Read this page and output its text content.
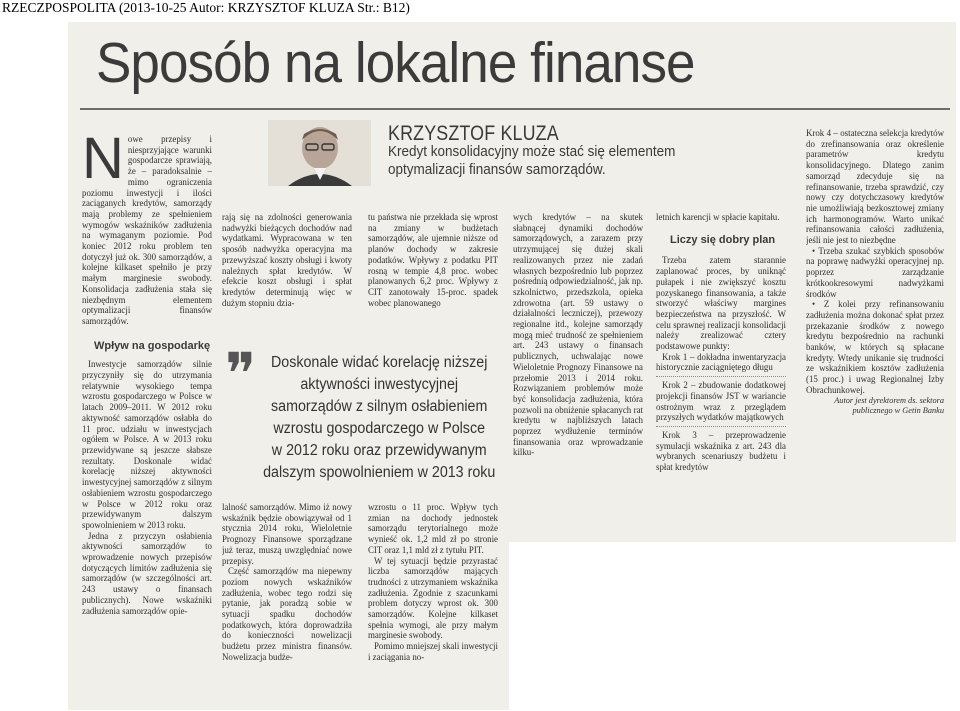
RZECZPOSPOLITA (2013-10-25 Autor: KRZYSZTOF KLUZA Str.: B12)
Sposób na lokalne finanse

Nowe przepisy i niesprzyjające warunki gospodarcze sprawiają, że – paradoksalnie – mimo ograniczenia poziomu inwestycji i ilości zaciąganych kredytów, samorządy mają problemy ze spełnieniem wymogów wskaźników zadłużenia na wymaganym poziomie. Pod koniec 2012 roku problem ten dotyczył już ok. 300 samorządów, a kolejne kilkaset spełniło je przy małym marginesie swobody. Konsolidacja zadłużenia stała się niezbędnym elementem optymalizacji finansów samorządów.

Wpływ na gospodarkę

Inwestycje samorządów silnie przyczyniły się do utrzymania relatywnie wysokiego tempa wzrostu gospodarczego w Polsce w latach 2009–2011. W 2012 roku aktywność samorządów osłabła do 11 proc. udziału w inwestycjach ogółem w Polsce. A w 2013 roku przewidywane są jeszcze słabsze rezultaty. Doskonale widać korelację niższej aktywności inwestycyjnej samorządów z silnym osłabieniem wzrostu gospodarczego w Polsce w 2012 roku oraz przewidywanym dalszym spowolnieniem w 2013 roku.

Jedna z przyczyn osłabienia aktywności samorządów to wprowadzenie nowych przepisów dotyczących limitów zadłużenia się samorządów (w szczególności art. 243 ustawy o finansach publicznych). Nowe wskaźniki zadłużenia samorządów opie-

KRZYSZTOF KLUZA
Kredyt konsolidacyjny może stać się elementem
optymalizacji finansów samorządów.

rają się na zdolności generowania nadwyżki bieżących dochodów nad wydatkami. Wypracowana w ten sposób nadwyżka operacyjna ma przewyższać koszty obsługi i kwoty należnych spłat kredytów. W efekcie koszt obsługi i spłat kredytów determinują więc w dużym stopniu dzia-

tu państwa nie przekłada się wprost na zmiany w budżetach samorządów, ale ujemnie niższe od planów dochody w zakresie podatków. Wpływy z podatku PIT rosną w tempie 4,8 proc. wobec planowanych 6,2 proc. Wpływy z CIT zanotowały 15-proc. spadek wobec planowanego

❞ Doskonale widać korelację niższej
aktywności inwestycyjnej
samorządów z silnym osłabieniem
wzrostu gospodarczego w Polsce
w 2012 roku oraz przewidywanym
dalszym spowolnieniem w 2013 roku

lalność samorządów. Mimo iż nowy wskaźnik będzie obowiązywał od 1 stycznia 2014 roku, Wieloletnie Prognozy Finansowe sporządzane już teraz, muszą uwzględniać nowe przepisy.

Część samorządów ma niepewny poziom nowych wskaźników zadłużenia, wobec tego rodzi się pytanie, jak poradzą sobie w sytuacji spadku dochodów podatkowych, która doprowadziła do konieczności nowelizacji budżetu przez ministra finansów. Nowelizacja budże-

wzrostu o 11 proc. Wpływ tych zmian na dochody jednostek samorządu terytorialnego może wynieść ok. 1,2 mld zł po stronie CIT oraz 1,1 mld zł z tytułu PIT.

W tej sytuacji będzie przyrastać liczba samorządów mających trudności z utrzymaniem wskaźnika zadłużenia. Zgodnie z szacunkami problem dotyczy wprost ok. 300 samorządów. Kolejne kilkaset spełnia wymogi, ale przy małym marginesie swobody.

Pomimo mniejszej skali inwestycji i zaciągania no-

wych kredytów – na skutek słabnącej dynamiki dochodów samorządowych, a zarazem przy utrzymującej się dużej skali realizowanych przez nie zadań własnych bezpośrednio lub poprzez pośrednią odpowiedzialność, jak np. szkolnictwo, przedszkola, opieka zdrowotna (art. 59 ustawy o działalności leczniczej), przewozy regionalne itd., kolejne samorządy mogą mieć trudność ze spełnieniem art. 243 ustawy o finansach publicznych, uchwalając nowe Wieloletnie Prognozy Finansowe na przełomie 2013 i 2014 roku. Rozwiązaniem problemów może być konsolidacja zadłużenia, która pozwoli na obniżenie spłacanych rat kredytu w najbliższych latach poprzez wydłużenie terminów finansowania oraz wprowadzanie kilku-

letnich karencji w spłacie kapitału.

Liczy się dobry plan

Trzeba zatem starannie zaplanować proces, by uniknąć pułapek i nie zwiększyć kosztu pozyskanego finansowania, a także stworzyć właściwy margines bezpieczeństwa na przyszłość. W celu sprawnej realizacji konsolidacji należy zrealizować cztery podstawowe punkty:

Krok 1 – dokładna inwentaryzacja historycznie zaciągniętego długu

Krok 2 – zbudowanie dodatkowej projekcji finansów JST w wariancie ostrożnym wraz z przeglądem przyszłych wydatków majątkowych

Krok 3 – przeprowadzenie symulacji wskaźnika z art. 243 dla wybranych scenariuszy budżetu i spłat kredytów

Krok 4 – ostateczna selekcja kredytów do zrefinansowania oraz określenie parametrów kredytu konsolidacyjnego. Dlatego zanim samorząd zdecyduje się na refinansowanie, trzeba sprawdzić, czy nowy czy dotychczasowy kredytów nie umożliwiają bezkosztowej zmiany ich harmonogramów. Warto unikać refinansowania całości zadłużenia, jeśli nie jest to niezbędne

• Trzeba szukać szybkich sposobów na poprawę nadwyżki operacyjnej np. poprzez zarządzanie krótkookresowymi nadwyżkami środków

• Z kolei przy refinansowaniu zadłużenia można dokonać spłat przez przekazanie środków z nowego kredytu bezpośrednio na rachunki banków, w których są spłacane kredyty. Wtedy unikanie się trudności ze wskaźnikiem kosztów zadłużenia (15 proc.) i uwag Regionalnej Izby Obrachunkowej.

Autor jest dyrektorem ds. sektora publicznego w Getin Banku
